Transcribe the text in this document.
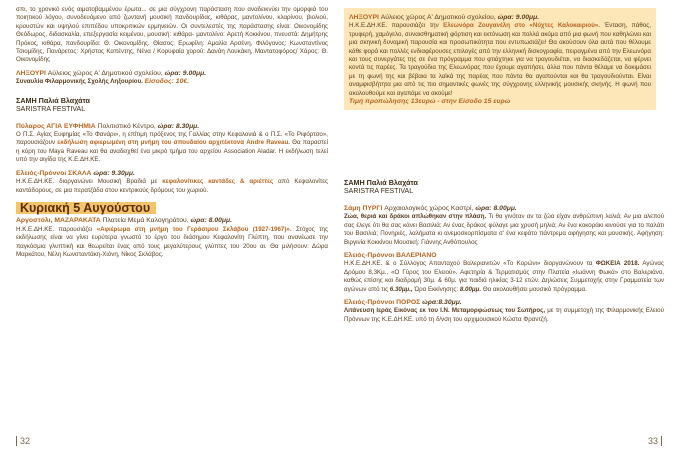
σπι, το χρονικό ενός αιματοβαμμένου έρωτα... σε μια σύγχρονη παράσταση που αναδεικνύει την ομορφιά του ποιητικού λόγου, συνοδευόμενο από ζωντανή μουσική πανδουρίδας, κιθάρας, μαντολίνου, κλαρίνου, βιολιού, κρουστών και υψηλού επιπέδου υποκριτικών ερμηνειών. Οι συντελεστές της παράστασης είναι: Οικονομίδης Θεόδωρος, διδασκαλία, επεξεργασία κειμένου, μουσική: κιθάρα- μαντολίνο: Αρετή Κοκκίνου, πνευστά: Δημήτρης Πρόκος, κιθάρα, πανδουρίδα: Θ. Οικονομίδης. Θίασος: Ερωφίλη: Αμαλία Αρσένη, Φιλόγονος: Κωνσταντίνος Τσιομίδης, Πανάρετος: Χρήστος Καπέντης, Νένα / Κορυφαία χορού: Δανάη Λουκάκη, Μαντατοφόρος/ Χάρος: Θ. Οικονομίδης

ΛΗΞΟΥΡΙ Αύλειος χώρος Α' Δημοτικού σχολείου, ώρα: 9.00μμ.

Συναυλία Φιλαρμονικής Σχολής Ληξουρίου. Είσοδος: 10€.

ΣΑΜΗ Παλιά Βλαχάτα

SARISTRA FESTIVAL

Πύλαρος ΑΓΙΑ ΕΥΦΗΜΙΑ Πολιτιστικό Κέντρο, ώρα: 8.30μμ.

Ο Π.Σ. Αγίας Ευφημίας «Το Φανάρι», η επίτιμη πρόξενος της Γαλλίας στην Κεφαλονιά & ο Π.Σ. «Το Ριφόρτσο», παρουσιάζουν εκδήλωση αφιερωμένη στη μνήμη του σπουδαίου αρχιτέκτονα Andre Raveau. Θα παραστεί η κόρη του Maya Raveau και θα αναδειχθεί ένα μικρό τμήμα του αρχείου Association Aladar. Η εκδήλωση τελεί υπό την αιγίδα της Κ.Ε.ΔΗ.ΚΕ.

Ελειός-Πρόννοι ΣΚΑΛΑ ώρα: 9.30μμ.

Η.Κ.Ε.ΔΗ.ΚΕ. διοργανώνει Μουσική Βραδιά με κεφαλονίτικες καντάδες & αριέττες από Κεφαλονίτες καντάδορους, σε μια περατζάδα στου κεντρικούς δρόμους του χωριού.

Κυριακή 5 Αυγούστου

Αργοστόλι, ΜΑΖΑΡΑΚΑΤΑ Πλατεία Μεμά Καλογηράτου, ώρα: 8.00μμ.

Η.Κ.Ε.ΔΗ.ΚΕ. παρουσιάζει «Αφιέρωμα στη μνήμη του Γεράσιμου Σκλάβου (1927-1967)». Στόχος της εκδήλωσης είναι να γίνει ευρύτερα γνωστό το έργο του διάσημου Κεφαλονίτη Γλύπτη, που ανανέωσε την παγκόσμια γλυπτική και θεωρείται ένας από τους μεγαλύτερους γλύπτες του 20ου αι. Θα μιλήσουν: Δώρα Μαρκάτου, Νέλη Κωνσταντάκη-Χιόνη, Νίκος Σκλάβος.

32

ΛΗΞΟΥΡΙ Αύλειος χώρος Α' Δημοτικού σχολείου, ώρα: 9.00μμ.

Η.Κ.Ε.ΔΗ.ΚΕ. παρουσιάζει την Ελεωνόρα Ζουγανέλη στο «Νύχτες Καλοκαιριού». Ένταση, πάθος, τρυφερή, χαμόγελο, συναισθηματική φόρτιση και εκτόνωση και πολλά ακόμα από μια φωνή που καθηλώνει και μια σκηνική δυναμική παρουσία και προσωπικότητα που εντυπωσιάζει! Θα ακούσουν όλα αυτά που θέλουμε κάθε φορά και πολλές ενδιαφέρουσες επιλογές από την ελληνική δισκογραφία, πειραγμένα από την Ελεωνόρα και τους συνεργάτες της σε ένα πρόγραμμα που φτιάχτηκε για να τραγουδιέται, να διασκεδάζεται, να φέρνει κοντά τις παρέες. Τα τραγούδια της Ελεωνόρας που έχουμε αγαπήσει, άλλα που πάντα θέλαμε να δοκιμάσει με τη φωνή της και βέβαια τα λαϊκά της παρέας που πάντα θα αγαπούνται και θα τραγουδιούνται. Είναι αναμφισβήτητα μια από τις πιο σημαντικές φωνές της σύγχρονης ελληνικής μουσικής σκηνής. Η φωνή που ακολουθούμε και αγαπάμε να ακούμε!

Τιμή προπώλησης 13ευρώ - στην Είσοδο 15 ευρώ

ΣΑΜΗ Παλιά Βλαχάτα

SARISTRA FESTIVAL

Σάμη ΠΥΡΓΙ Αρχαιολογικός χώρος Καστρί, ώρα: 8.00μμ.

Ζώα, θεριά και δράκοι απλώθηκαν στην πλάση. Τι θα γινόταν αν τα ζώα είχαν ανθρώπινη λαλιά; Αν μια αλεπού σας έλεγε ότι θα σας κάνει Βασιλιά; Αν ένας δράκος φύλαγε μια χρυσή μηλιά; Αν ένα κοκοράκι κινούσε για το παλάτι του Βασιλιά; Πονηριές, λαλήματα κι ανεμοσκορπίσματα σ' ένα κεφάτο πάντρεμα αφήγησης και μουσικής. Αφήγηση: Βιργινία Κοκκίνου Μουσική: Γιάννης Ανθόπουλος

Ελειός-Πρόννοι ΒΑΛΕΡΙΑΝΟ

Η.Κ.Ε.ΔΗ.ΚΕ. & ο Σύλλογος Απανταχού Βαλεριανιτών «Το Κορώνι» διοργανώνουν τα ΦΩΚΕΙΑ 2018. Αγώνας Δρόμου 8,3Κμ., «Ο Γύρος του Ελειού». Αφετηρία & Τερματισμός στην Πλατεία «Ιωάννη Φωκά» στο Βαλεριάνο, καθώς επίσης και διαδρομή 30μ. & 60μ. για παιδιά ηλικίας 3-12 ετών. Δηλώσεις Συμμετοχής στην Γραμματεία των αγώνων από τις 6.30μμ., Ώρα Εκκίνησης: 8.00μμ. Θα ακολουθήσει μουσικό πρόγραμμα.

Ελειός-Πρόννοι ΠΟΡΟΣ ώρα:8.30μμ.

Λιτάνευση Ιεράς Εικόνας εκ του Ι.Ν. Μεταμορφώσεως του Σωτήρος, με τη συμμετοχή της Φιλαρμονικής Ελειού Πρόννων της Κ.Ε.ΔΗ.ΚΕ. υπό τη δ/νση του αρχιμουσικού Κώστα Φραντζή.

33
